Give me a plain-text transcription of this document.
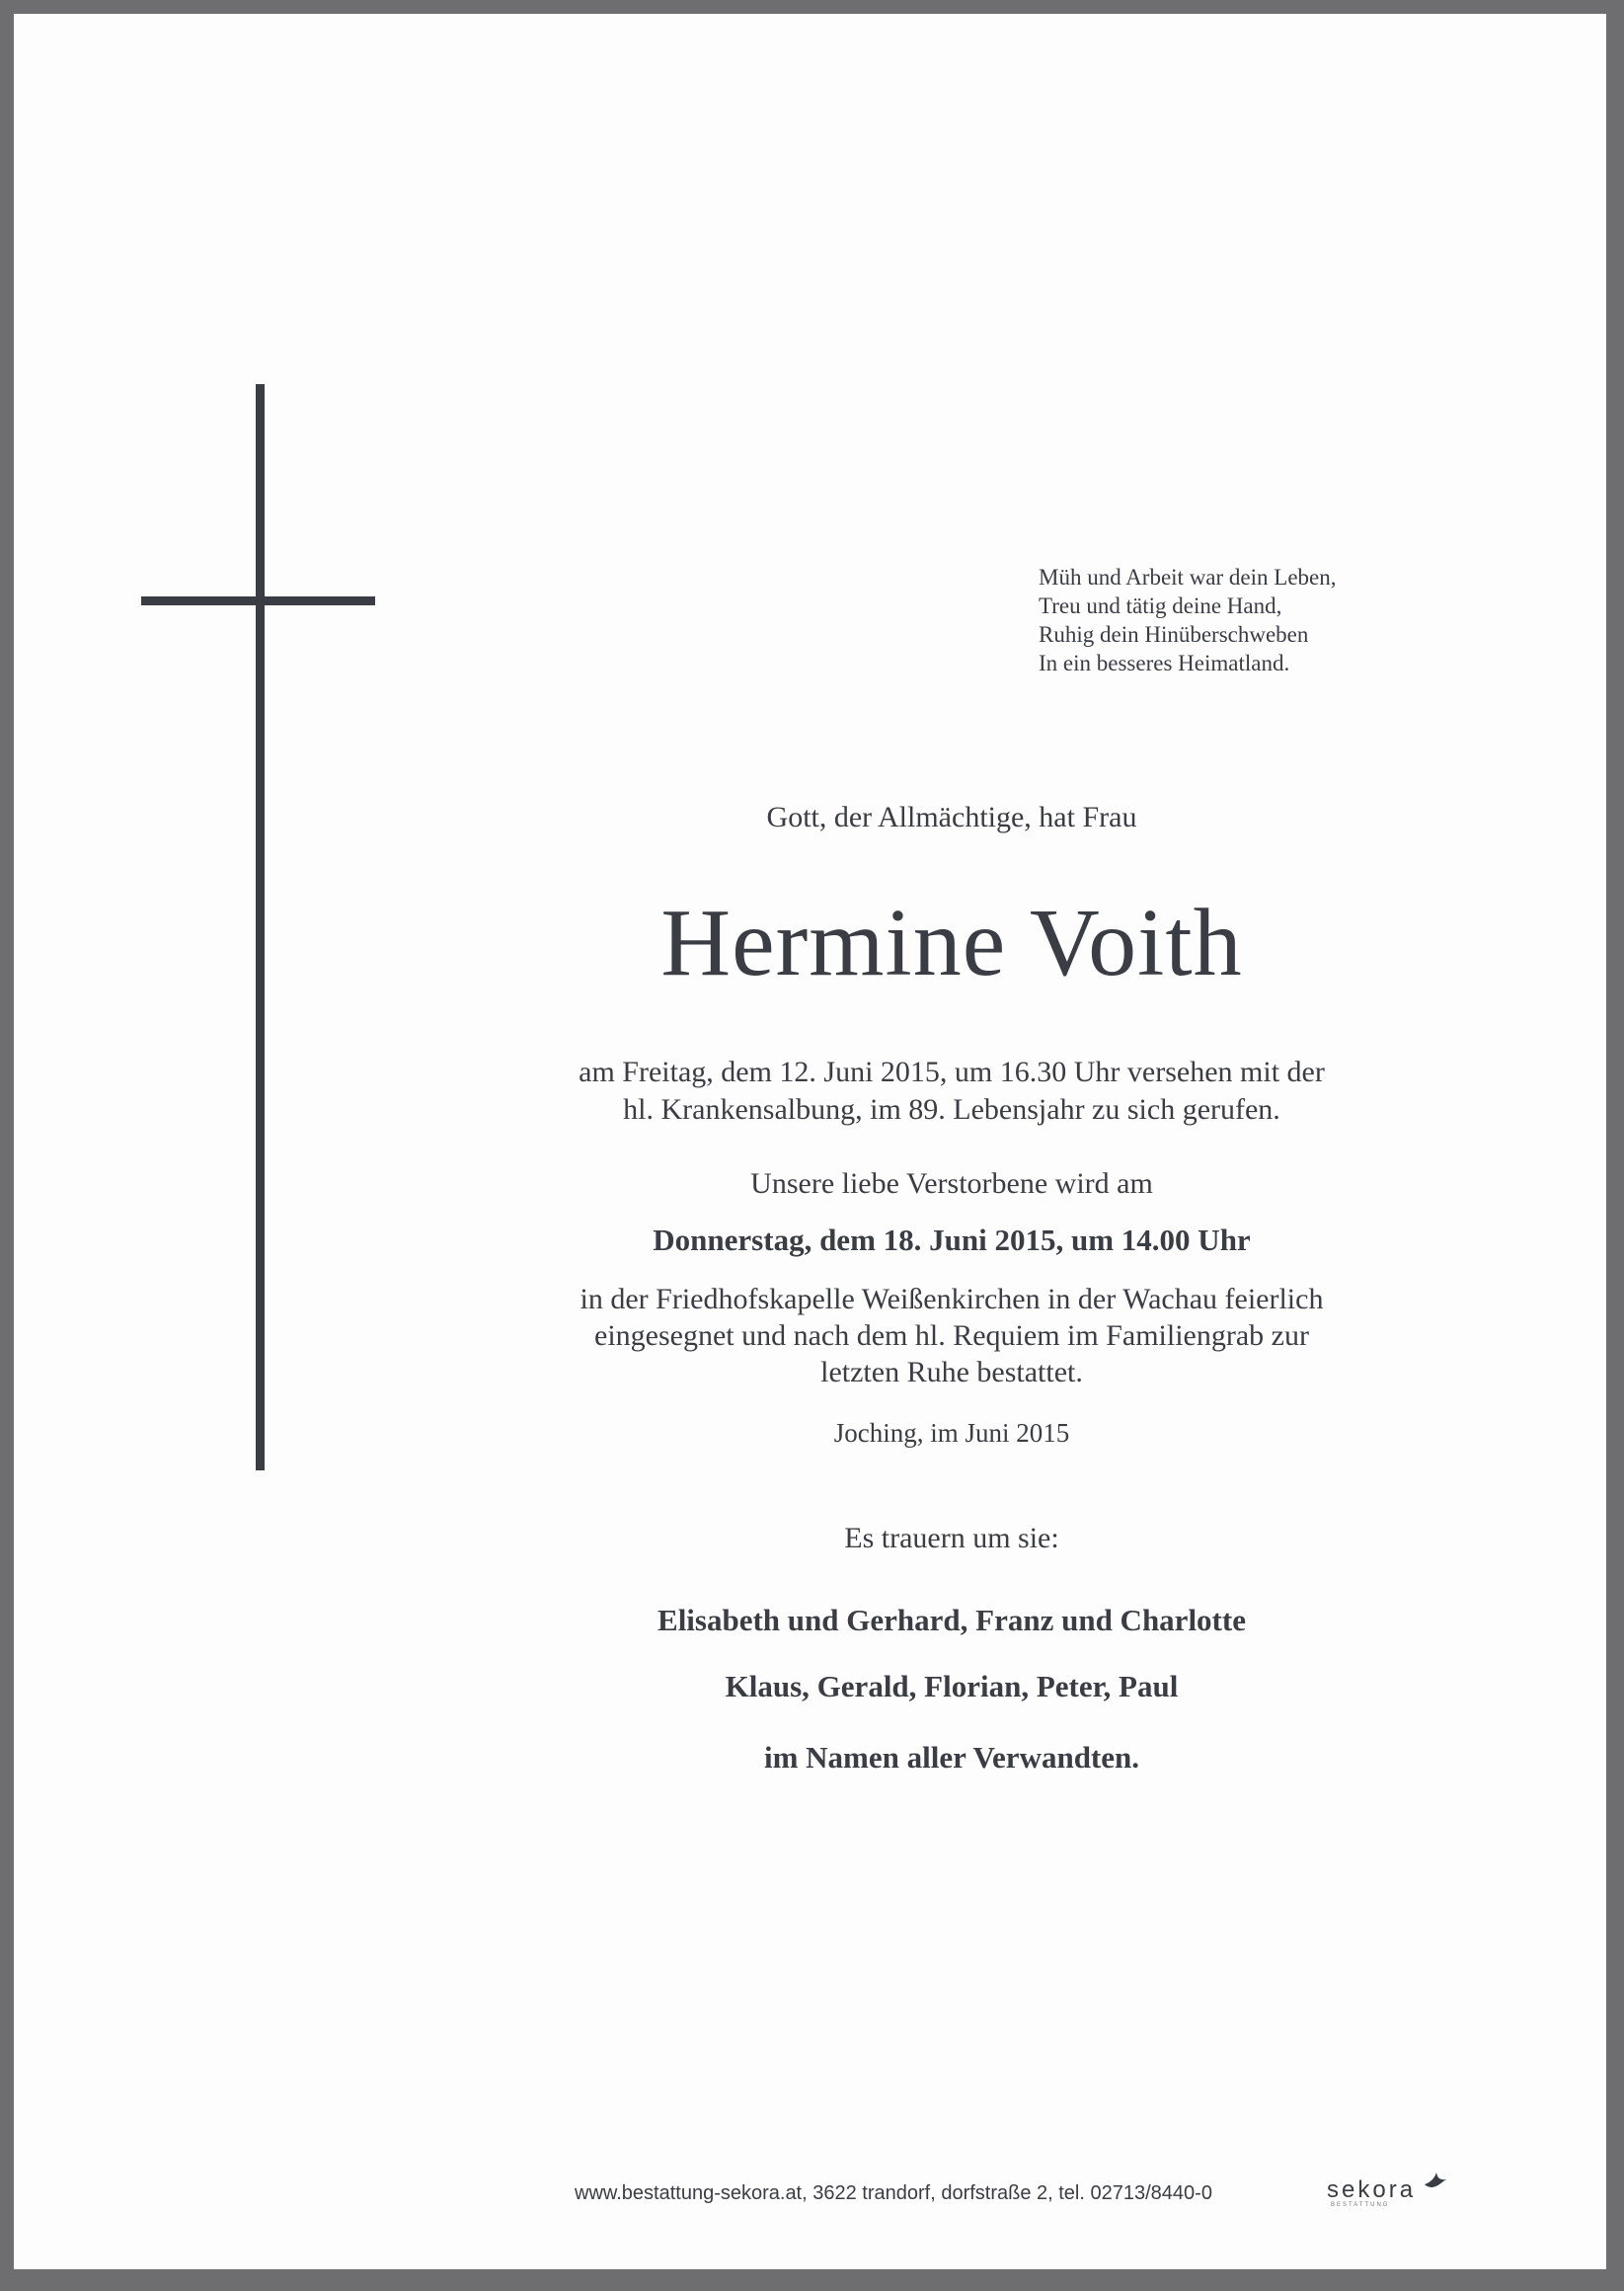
Müh und Arbeit war dein Leben,
Treu und tätig deine Hand,
Ruhig dein Hinüberschweben
In ein besseres Heimatland.
Gott, der Allmächtige, hat Frau
Hermine Voith
am Freitag, dem 12. Juni 2015, um 16.30 Uhr versehen mit der
hl. Krankensalbung, im 89. Lebensjahr zu sich gerufen.
Unsere liebe Verstorbene wird am
Donnerstag, dem 18. Juni 2015, um 14.00 Uhr
in der Friedhofskapelle Weißenkirchen in der Wachau feierlich
eingesegnet und nach dem hl. Requiem im Familiengrab zur
letzten Ruhe bestattet.
Joching, im Juni 2015
Es trauern um sie:
Elisabeth und Gerhard, Franz und Charlotte
Klaus, Gerald, Florian, Peter, Paul
im Namen aller Verwandten.
www.bestattung-sekora.at, 3622 trandorf, dorfstraße 2, tel. 02713/8440-0	sekora
BESTATTUNG
